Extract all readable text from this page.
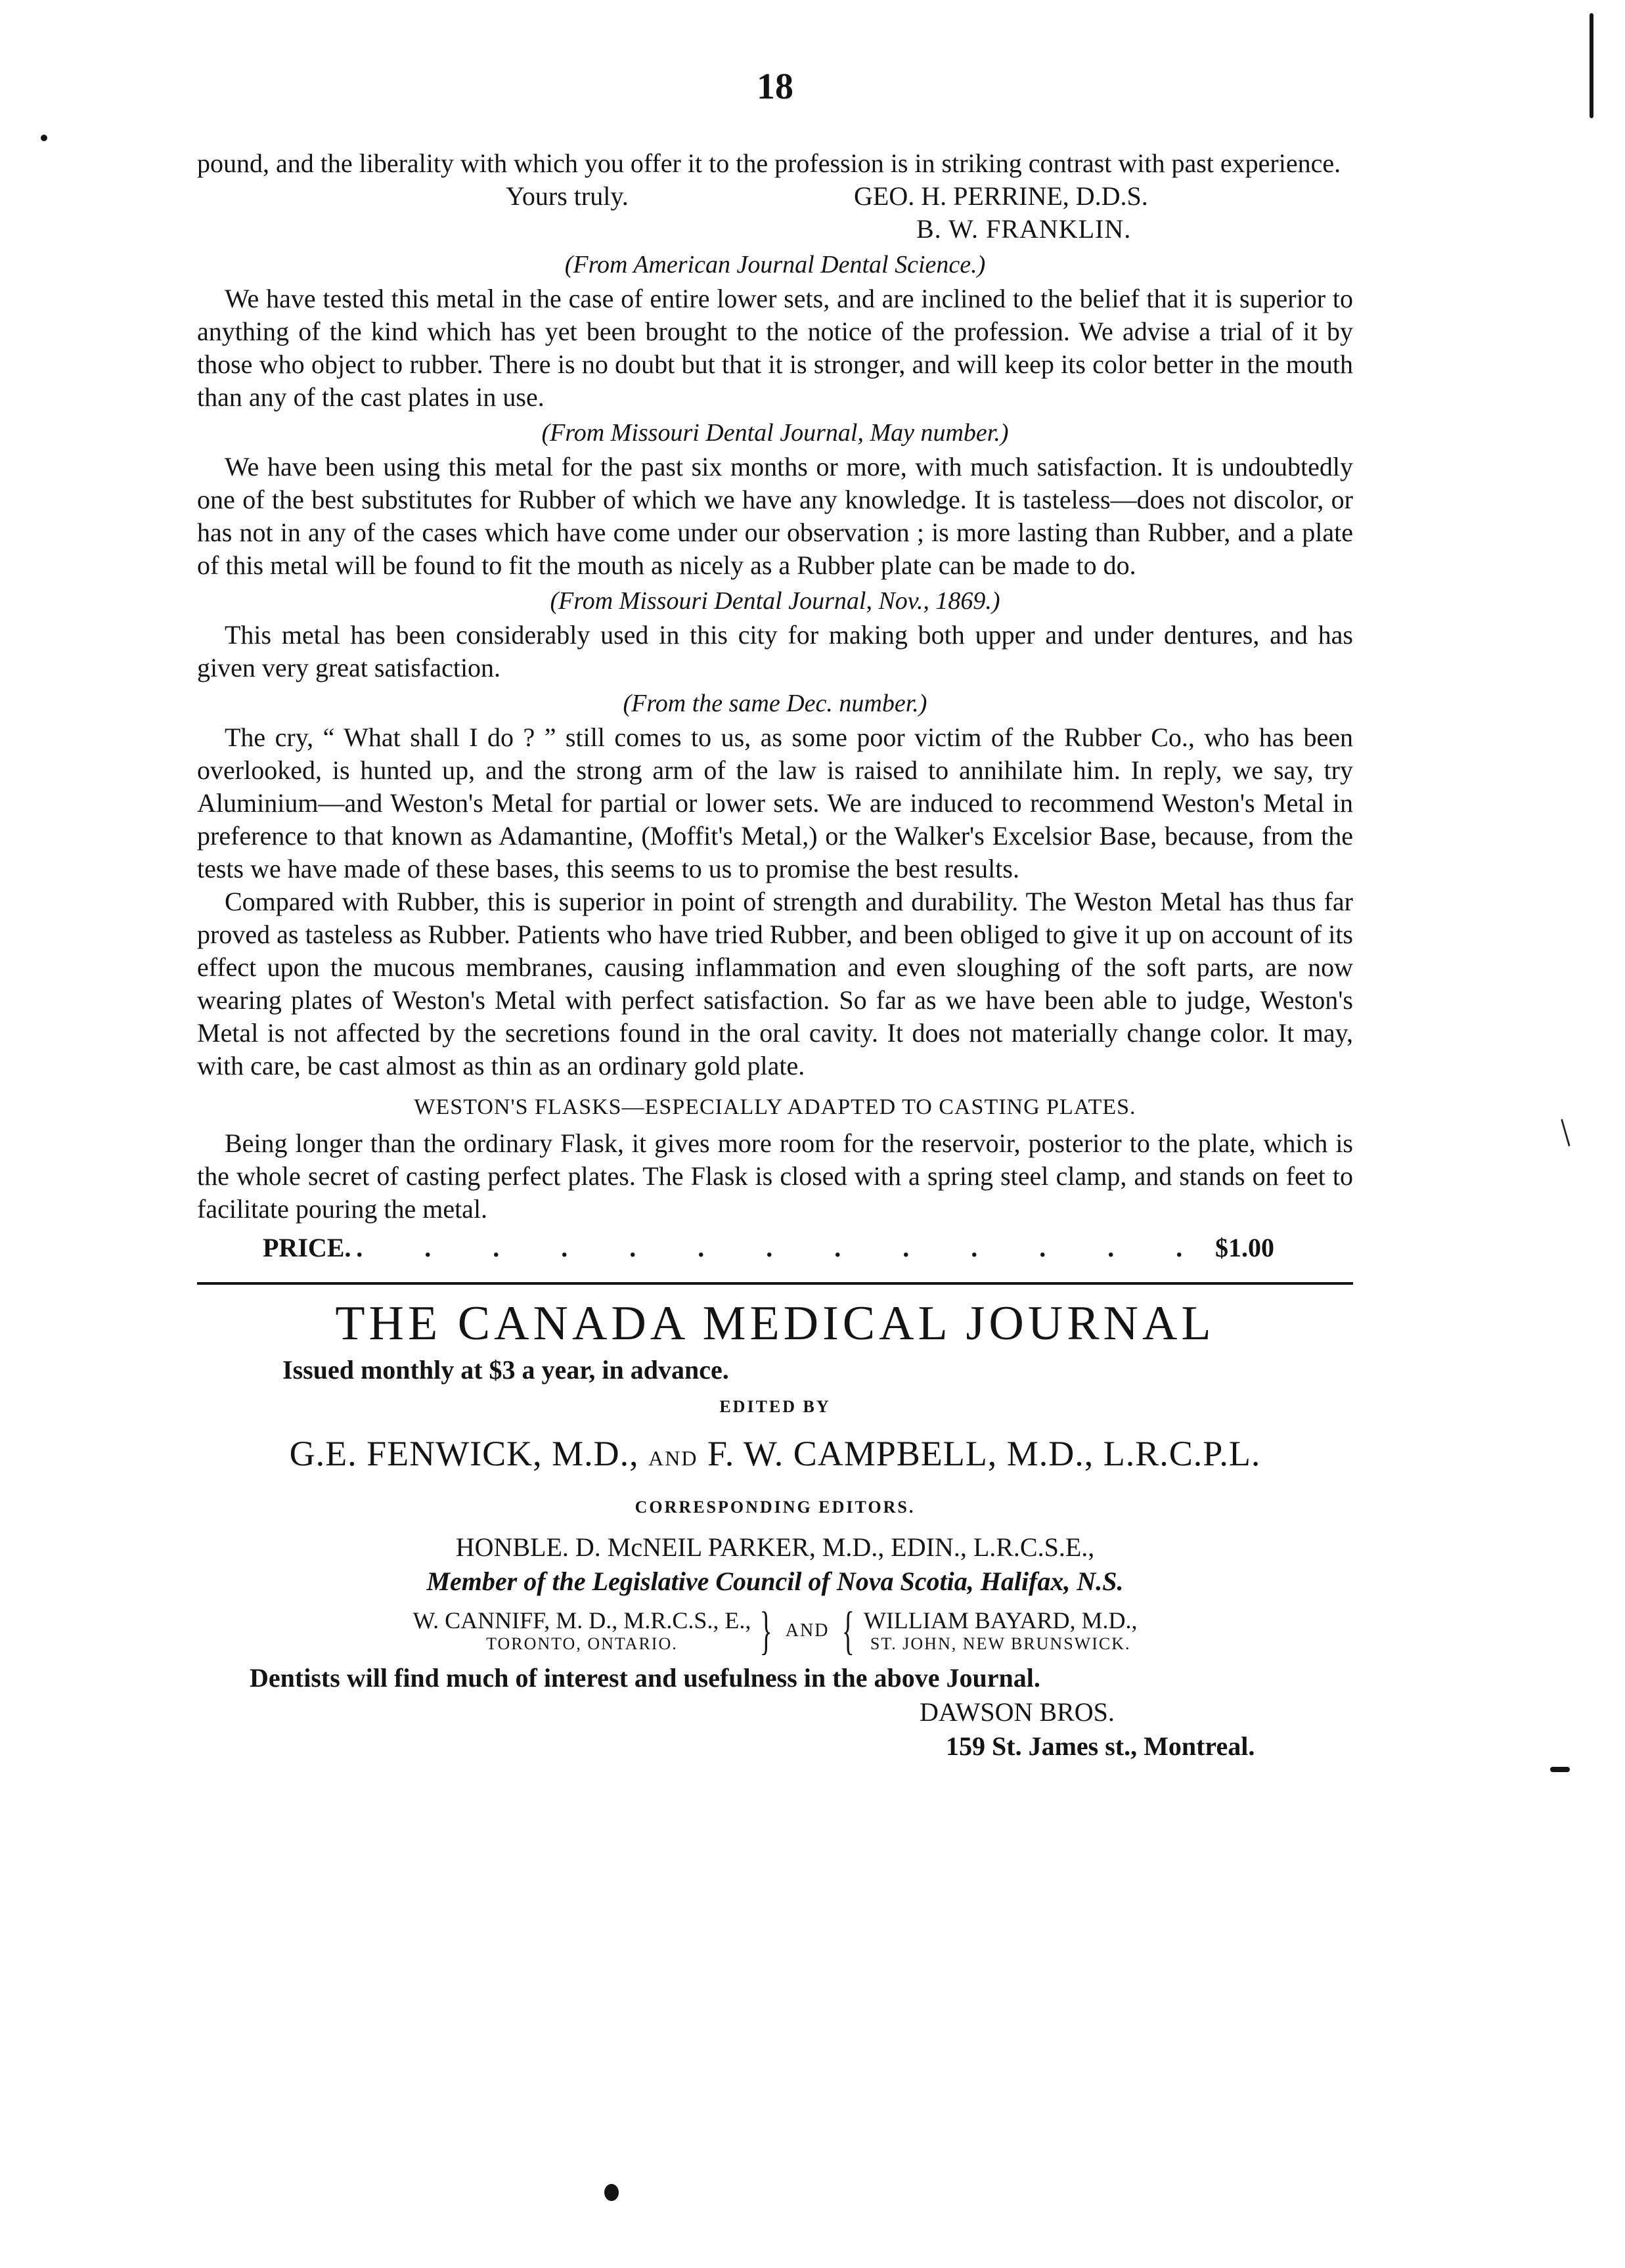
/
18

pound, and the liberality with which you offer it to the profession is in striking contrast with past experience.

Yours truly.	GEO. H. PERRINE, D.D.S.
B. W. FRANKLIN.
(From American Journal Dental Science.)

We have tested this metal in the case of entire lower sets, and are inclined to the belief that it is superior to anything of the kind which has yet been brought to the notice of the profession. We advise a trial of it by those who object to rubber. There is no doubt but that it is stronger, and will keep its color better in the mouth than any of the cast plates in use.

(From Missouri Dental Journal, May number.)

We have been using this metal for the past six months or more, with much satisfaction. It is undoubtedly one of the best substitutes for Rubber of which we have any knowledge. It is tasteless—does not discolor, or has not in any of the cases which have come under our observation ; is more lasting than Rubber, and a plate of this metal will be found to fit the mouth as nicely as a Rubber plate can be made to do.

(From Missouri Dental Journal, Nov., 1869.)

This metal has been considerably used in this city for making both upper and under dentures, and has given very great satisfaction.

(From the same Dec. number.)

The cry, “ What shall I do ? ” still comes to us, as some poor victim of the Rubber Co., who has been overlooked, is hunted up, and the strong arm of the law is raised to annihilate him. In reply, we say, try Aluminium—and Weston's Metal for partial or lower sets. We are induced to recommend Weston's Metal in preference to that known as Adamantine, (Moffit's Metal,) or the Walker's Excelsior Base, because, from the tests we have made of these bases, this seems to us to promise the best results.

Compared with Rubber, this is superior in point of strength and durability. The Weston Metal has thus far proved as tasteless as Rubber. Patients who have tried Rubber, and been obliged to give it up on account of its effect upon the mucous membranes, causing inflammation and even sloughing of the soft parts, are now wearing plates of Weston's Metal with perfect satisfaction. So far as we have been able to judge, Weston's Metal is not affected by the secretions found in the oral cavity. It does not materially change color. It may, with care, be cast almost as thin as an ordinary gold plate.

WESTON'S FLASKS—ESPECIALLY ADAPTED TO CASTING PLATES.

Being longer than the ordinary Flask, it gives more room for the reservoir, posterior to the plate, which is the whole secret of casting perfect plates. The Flask is closed with a spring steel clamp, and stands on feet to facilitate pouring the metal.

PRICE. . . . . . . . . . . . . . $1.00
THE CANADA MEDICAL JOURNAL
Issued monthly at $3 a year, in advance.
EDITED BY
G.E. FENWICK, M.D., AND F. W. CAMPBELL, M.D., L.R.C.P.L.
CORRESPONDING EDITORS.
HONBLE. D. McNEIL PARKER, M.D., EDIN., L.R.C.S.E.,
Member of the Legislative Council of Nova Scotia, Halifax, N.S.
W. CANNIFF, M. D., M.R.C.S., E.,
TORONTO, ONTARIO.	} AND { WILLIAM BAYARD, M.D.,
ST. JOHN, NEW BRUNSWICK.
Dentists will find much of interest and usefulness in the above Journal.
DAWSON BROS.
159 St. James st., Montreal.
